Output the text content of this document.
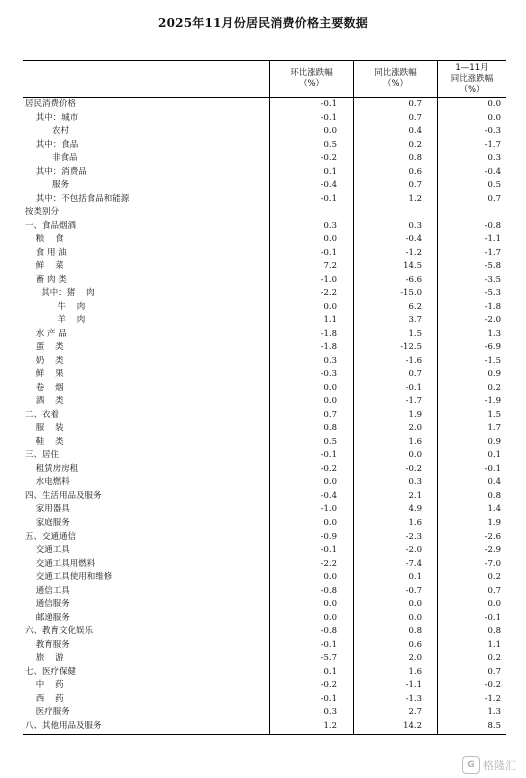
2025年11月份居民消费价格主要数据
环比涨跌幅
（%）
同比涨跌幅
（%）
1—11月
同比涨跌幅
（%）
居民消费价格	-0.1	0.7	0.0
其中：城市	-0.1	0.7	0.0
农村	0.0	0.4	-0.3
其中：食品	0.5	0.2	-1.7
非食品	-0.2	0.8	0.3
其中：消费品	0.1	0.6	-0.4
服务	-0.4	0.7	0.5
其中：不包括食品和能源	-0.1	1.2	0.7
按类别分
一、食品烟酒	0.3	0.3	-0.8
粮    食	0.0	-0.4	-1.1
食 用 油	-0.1	-1.2	-1.7
鲜    菜	7.2	14.5	-5.8
畜 肉 类	-1.0	-6.6	-3.5
其中：猪    肉	-2.2	-15.0	-5.3
牛    肉	0.0	6.2	-1.8
羊    肉	1.1	3.7	-2.0
水 产 品	-1.8	1.5	1.3
蛋    类	-1.8	-12.5	-6.9
奶    类	0.3	-1.6	-1.5
鲜    果	-0.3	0.7	0.9
卷    烟	0.0	-0.1	0.2
酒    类	0.0	-1.7	-1.9
二、衣着	0.7	1.9	1.5
服    装	0.8	2.0	1.7
鞋    类	0.5	1.6	0.9
三、居住	-0.1	0.0	0.1
租赁房房租	-0.2	-0.2	-0.1
水电燃料	0.0	0.3	0.4
四、生活用品及服务	-0.4	2.1	0.8
家用器具	-1.0	4.9	1.4
家庭服务	0.0	1.6	1.9
五、交通通信	-0.9	-2.3	-2.6
交通工具	-0.1	-2.0	-2.9
交通工具用燃料	-2.2	-7.4	-7.0
交通工具使用和维修	0.0	0.1	0.2
通信工具	-0.8	-0.7	0.7
通信服务	0.0	0.0	0.0
邮递服务	0.0	0.0	-0.1
六、教育文化娱乐	-0.8	0.8	0.8
教育服务	-0.1	0.6	1.1
旅    游	-5.7	2.0	0.2
七、医疗保健	0.1	1.6	0.7
中    药	-0.2	-1.1	-0.2
西    药	-0.1	-1.3	-1.2
医疗服务	0.3	2.7	1.3
八、其他用品及服务	1.2	14.2	8.5
G 格隆汇
